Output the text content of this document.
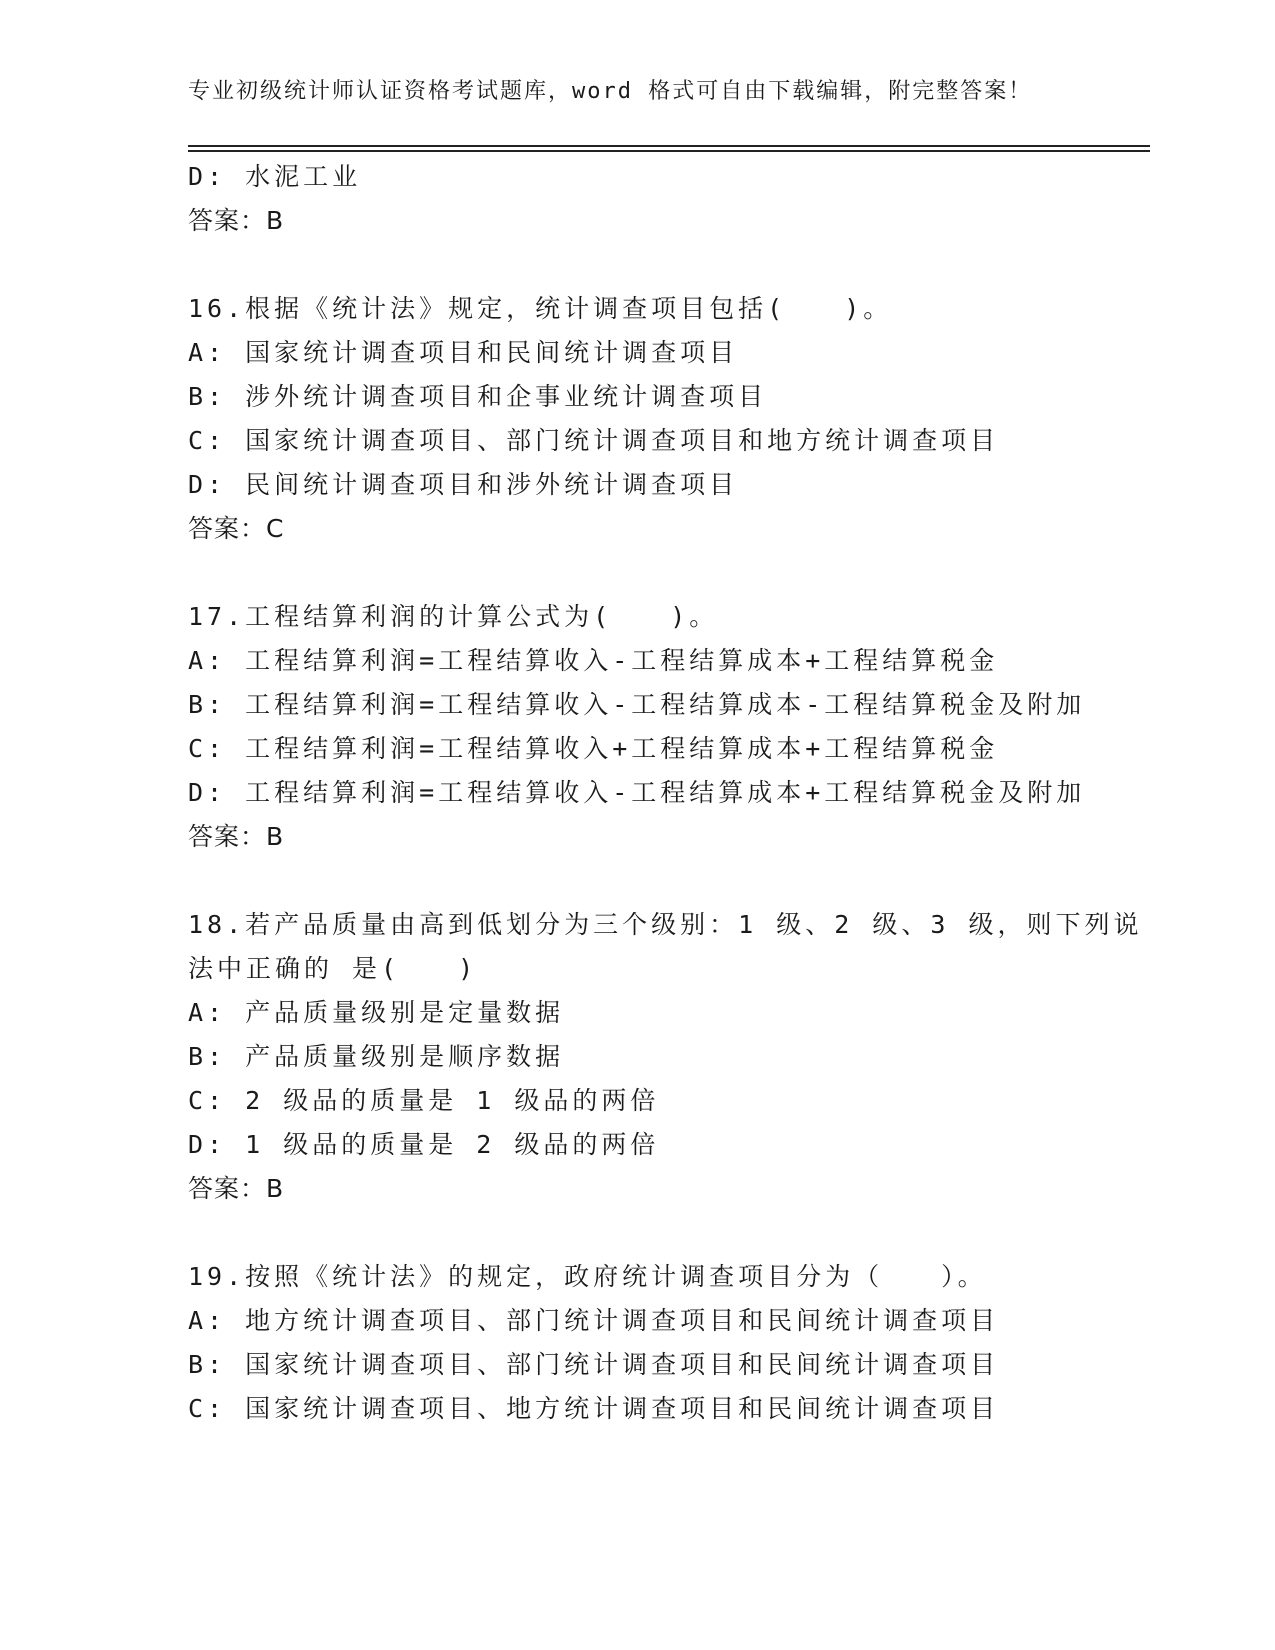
专业初级统计师认证资格考试题库，word 格式可自由下载编辑，附完整答案！
D: 水泥工业
答案：B
16.根据《统计法》规定，统计调查项目包括(　　)。
A: 国家统计调查项目和民间统计调查项目
B: 涉外统计调查项目和企事业统计调查项目
C: 国家统计调查项目、部门统计调查项目和地方统计调查项目
D: 民间统计调查项目和涉外统计调查项目
答案：C
17.工程结算利润的计算公式为(　　)。
A: 工程结算利润=工程结算收入-工程结算成本+工程结算税金
B: 工程结算利润=工程结算收入-工程结算成本-工程结算税金及附加
C: 工程结算利润=工程结算收入+工程结算成本+工程结算税金
D: 工程结算利润=工程结算收入-工程结算成本+工程结算税金及附加
答案：B
18.若产品质量由高到低划分为三个级别：1 级、2 级、3 级，则下列说
法中正确的 是(　　)
A: 产品质量级别是定量数据
B: 产品质量级别是顺序数据
C: 2 级品的质量是 1 级品的两倍
D: 1 级品的质量是 2 级品的两倍
答案：B
19.按照《统计法》的规定，政府统计调查项目分为（　　）。
A: 地方统计调查项目、部门统计调查项目和民间统计调查项目
B: 国家统计调查项目、部门统计调查项目和民间统计调查项目
C: 国家统计调查项目、地方统计调查项目和民间统计调查项目
